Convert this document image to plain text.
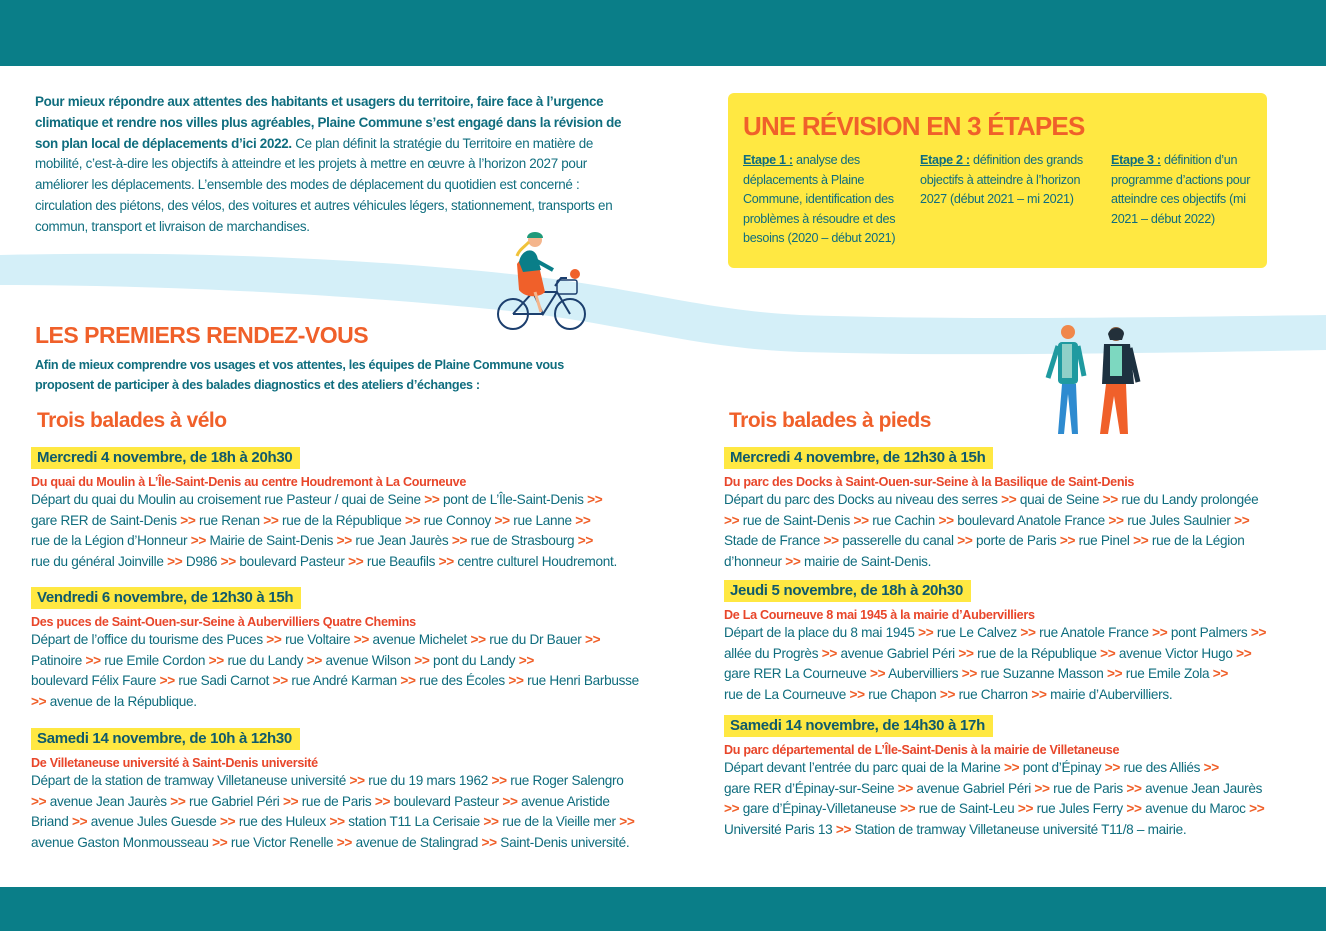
Pour mieux répondre aux attentes des habitants et usagers du territoire, faire face à l’urgence climatique et rendre nos villes plus agréables, Plaine Commune s’est engagé dans la révision de son plan local de déplacements d’ici 2022. Ce plan définit la stratégie du Territoire en matière de mobilité, c’est-à-dire les objectifs à atteindre et les projets à mettre en œuvre à l’horizon 2027 pour améliorer les déplacements. L’ensemble des modes de déplacement du quotidien est concerné : circulation des piétons, des vélos, des voitures et autres véhicules légers, stationnement, transports en commun, transport et livraison de marchandises.
UNE RÉVISION EN 3 ÉTAPES
Etape 1 : analyse des déplacements à Plaine Commune, identification des problèmes à résoudre et des besoins (2020 – début 2021)
Etape 2 : définition des grands objectifs à atteindre à l’horizon 2027 (début 2021 – mi 2021)
Etape 3 : définition d’un programme d’actions pour atteindre ces objectifs (mi 2021 – début 2022)
LES PREMIERS RENDEZ-VOUS
Afin de mieux comprendre vos usages et vos attentes, les équipes de Plaine Commune vous proposent de participer à des balades diagnostics et des ateliers d’échanges :
Trois balades à vélo	Trois balades à pieds
Mercredi 4 novembre, de 18h à 20h30
Du quai du Moulin à L’Île-Saint-Denis au centre Houdremont à La Courneuve
Départ du quai du Moulin au croisement rue Pasteur / quai de Seine >> pont de L’Île-Saint-Denis >>
gare RER de Saint-Denis >> rue Renan >> rue de la République >> rue Connoy >> rue Lanne >>
rue de la Légion d’Honneur >> Mairie de Saint-Denis >> rue Jean Jaurès >> rue de Strasbourg >>
rue du général Joinville >> D986 >> boulevard Pasteur >> rue Beaufils >> centre culturel Houdremont.
Vendredi 6 novembre, de 12h30 à 15h
Des puces de Saint-Ouen-sur-Seine à Aubervilliers Quatre Chemins
Départ de l’office du tourisme des Puces >> rue Voltaire >> avenue Michelet >> rue du Dr Bauer >>
Patinoire >> rue Emile Cordon >> rue du Landy >> avenue Wilson >> pont du Landy >>
boulevard Félix Faure >> rue Sadi Carnot >> rue André Karman >> rue des Écoles >> rue Henri Barbusse
>> avenue de la République.
Samedi 14 novembre, de 10h à 12h30
De Villetaneuse université à Saint-Denis université
Départ de la station de tramway Villetaneuse université >> rue du 19 mars 1962 >> rue Roger Salengro
>> avenue Jean Jaurès >> rue Gabriel Péri >> rue de Paris >> boulevard Pasteur >> avenue Aristide
Briand >> avenue Jules Guesde >> rue des Huleux >> station T11 La Cerisaie >> rue de la Vieille mer >>
avenue Gaston Monmousseau >> rue Victor Renelle >> avenue de Stalingrad >> Saint-Denis université.
Mercredi 4 novembre, de 12h30 à 15h
Du parc des Docks à Saint-Ouen-sur-Seine à la Basilique de Saint-Denis
Départ du parc des Docks au niveau des serres >> quai de Seine >> rue du Landy prolongée
>> rue de Saint-Denis >> rue Cachin >> boulevard Anatole France >> rue Jules Saulnier >>
Stade de France >> passerelle du canal >> porte de Paris >> rue Pinel >> rue de la Légion
d’honneur >> mairie de Saint-Denis.
Jeudi 5 novembre, de 18h à 20h30
De La Courneuve 8 mai 1945 à la mairie d’Aubervilliers
Départ de la place du 8 mai 1945 >> rue Le Calvez >> rue Anatole France >> pont Palmers >>
allée du Progrès >> avenue Gabriel Péri >> rue de la République >> avenue Victor Hugo >>
gare RER La Courneuve >> Aubervilliers >> rue Suzanne Masson >> rue Emile Zola >>
rue de La Courneuve >> rue Chapon >> rue Charron >> mairie d’Aubervilliers.
Samedi 14 novembre, de 14h30 à 17h
Du parc départemental de L’Île-Saint-Denis à la mairie de Villetaneuse
Départ devant l’entrée du parc quai de la Marine >> pont d’Épinay >> rue des Alliés >>
gare RER d’Épinay-sur-Seine >> avenue Gabriel Péri >> rue de Paris >> avenue Jean Jaurès
>> gare d’Épinay-Villetaneuse >> rue de Saint-Leu >> rue Jules Ferry >> avenue du Maroc >>
Université Paris 13 >> Station de tramway Villetaneuse université T11/8 – mairie.
